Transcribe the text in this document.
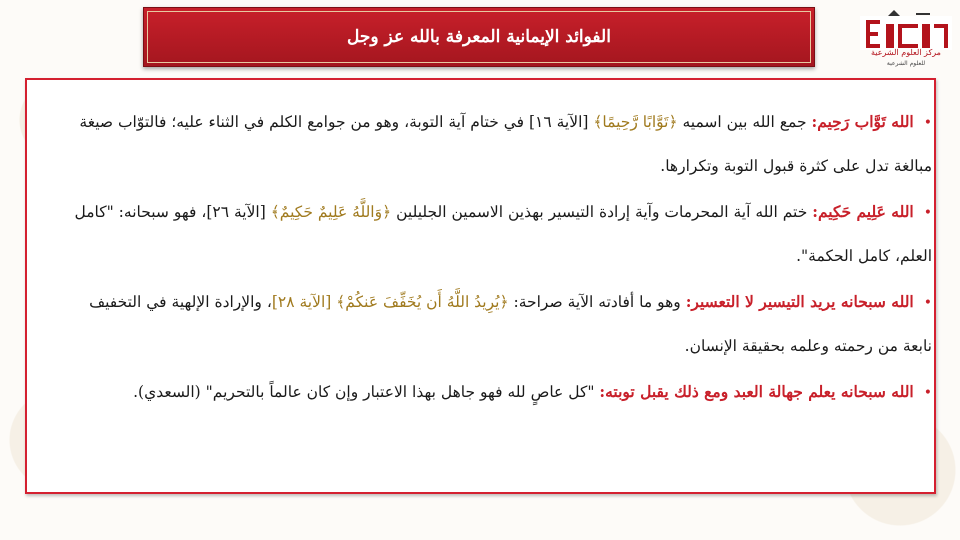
الفوائد الإيمانية المعرفة بالله عز وجل
مركز العلوم الشرعية
للعلوم الشرعية
•الله تَوَّاب رَحِيم: جمع الله بين اسميه ﴿تَوَّابًا رَّحِيمًا﴾ [الآية ١٦] في ختام آية التوبة، وهو من جوامع الكلم في الثناء عليه؛ فالتوّاب صيغة مبالغة تدل على كثرة قبول التوبة وتكرارها.
•الله عَلِيم حَكِيم: ختم الله آية المحرمات وآية إرادة التيسير بهذين الاسمين الجليلين ﴿وَاللَّهُ عَلِيمٌ حَكِيمٌ﴾ [الآية ٢٦]، فهو سبحانه: "كامل العلم، كامل الحكمة".
•الله سبحانه يريد التيسير لا التعسير: وهو ما أفادته الآية صراحة: ﴿يُرِيدُ اللَّهُ أَن يُخَفِّفَ عَنكُمْ﴾ [الآية ٢٨]، والإرادة الإلهية في التخفيف نابعة من رحمته وعلمه بحقيقة الإنسان.
•الله سبحانه يعلم جهالة العبد ومع ذلك يقبل توبته: "كل عاصٍ لله فهو جاهل بهذا الاعتبار وإن كان عالماً بالتحريم" (السعدي).
